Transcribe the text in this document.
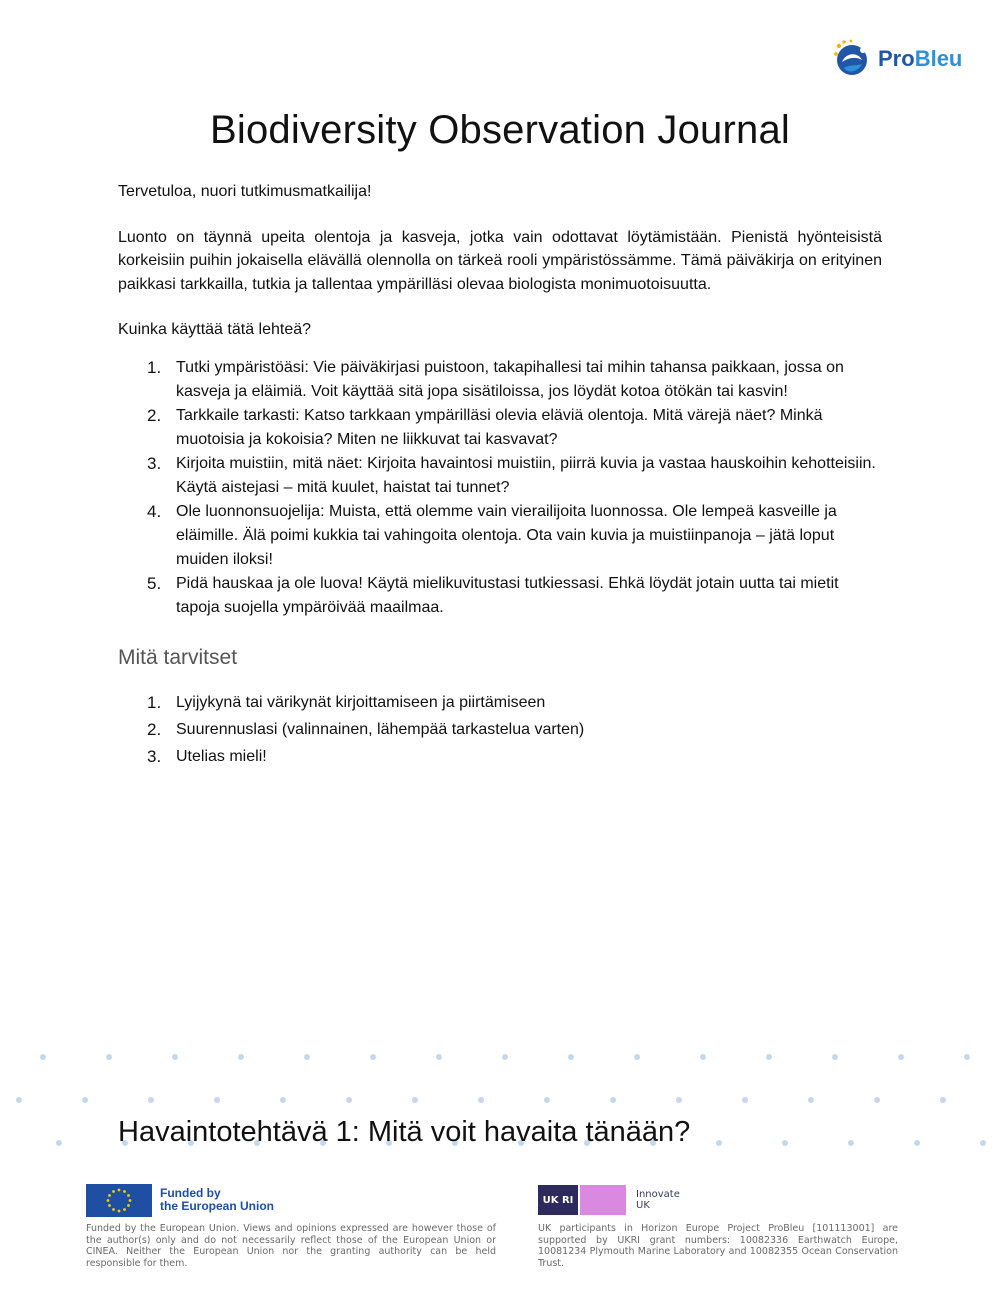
ProBleu
Biodiversity Observation Journal

Tervetuloa, nuori tutkimusmatkailija!

Luonto on täynnä upeita olentoja ja kasveja, jotka vain odottavat löytämistään. Pienistä hyönteisistä korkeisiin puihin jokaisella elävällä olennolla on tärkeä rooli ympäristössämme. Tämä päiväkirja on erityinen paikkasi tarkkailla, tutkia ja tallentaa ympärilläsi olevaa biologista monimuotoisuutta.

Kuinka käyttää tätä lehteä?

1. Tutki ympäristöäsi: Vie päiväkirjasi puistoon, takapihallesi tai mihin tahansa paikkaan, jossa on kasveja ja eläimiä. Voit käyttää sitä jopa sisätiloissa, jos löydät kotoa ötökän tai kasvin!
2. Tarkkaile tarkasti: Katso tarkkaan ympärilläsi olevia eläviä olentoja. Mitä värejä näet? Minkä muotoisia ja kokoisia? Miten ne liikkuvat tai kasvavat?
3. Kirjoita muistiin, mitä näet: Kirjoita havaintosi muistiin, piirrä kuvia ja vastaa hauskoihin kehotteisiin. Käytä aistejasi – mitä kuulet, haistat tai tunnet?
4. Ole luonnonsuojelija: Muista, että olemme vain vierailijoita luonnossa. Ole lempeä kasveille ja eläimille. Älä poimi kukkia tai vahingoita olentoja. Ota vain kuvia ja muistiinpanoja – jätä loput muiden iloksi!
5. Pidä hauskaa ja ole luova! Käytä mielikuvitustasi tutkiessasi. Ehkä löydät jotain uutta tai mietit tapoja suojella ympäröivää maailmaa.

Mitä tarvitset

1. Lyijykynä tai värikynät kirjoittamiseen ja piirtämiseen
2. Suurennuslasi (valinnainen, lähempää tarkastelua varten)
3. Utelias mieli!
Havaintotehtävä 1: Mitä voit havaita tänään?
Funded by
the European Union
Funded by the European Union. Views and opinions expressed are however those of the author(s) only and do not necessarily reflect those of the European Union or CINEA. Neither the European Union nor the granting authority can be held responsible for them.
UK RI	Innovate
UK
UK participants in Horizon Europe Project ProBleu [101113001] are supported by UKRI grant numbers: 10082336 Earthwatch Europe, 10081234 Plymouth Marine Laboratory and 10082355 Ocean Conservation Trust.
